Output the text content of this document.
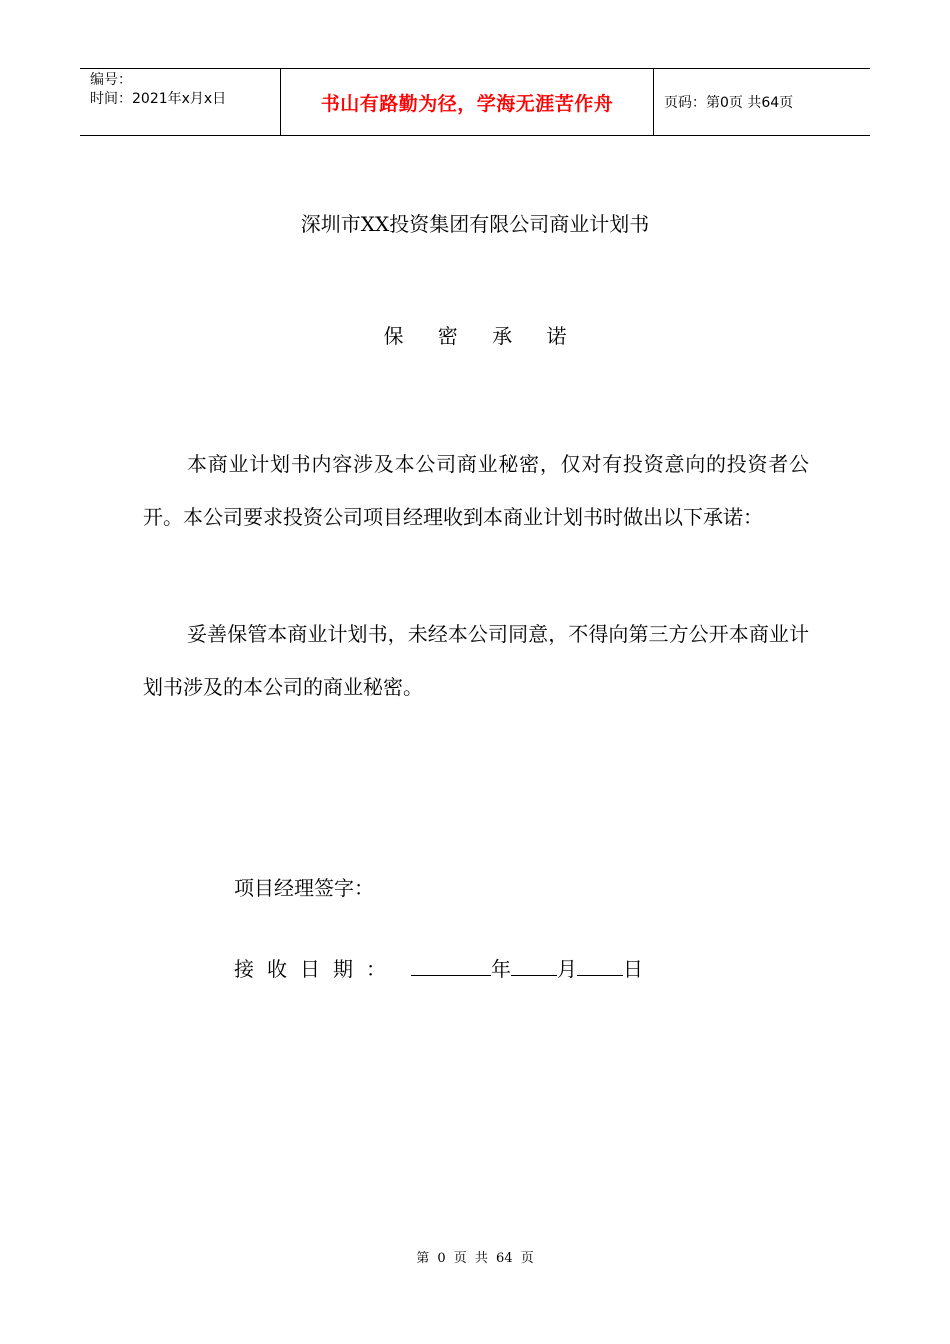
编号：
时间：2021年x月x日	书山有路勤为径，学海无涯苦作舟	页码：第0页 共64页
深圳市XX投资集团有限公司商业计划书
保 密 承 诺

本商业计划书内容涉及本公司商业秘密，仅对有投资意向的投资者公开。本公司要求投资公司项目经理收到本商业计划书时做出以下承诺：

妥善保管本商业计划书，未经本公司同意，不得向第三方公开本商业计划书涉及的本公司的商业秘密。

项目经理签字：

接收日期：	年 月 日

第 0 页 共 64 页
